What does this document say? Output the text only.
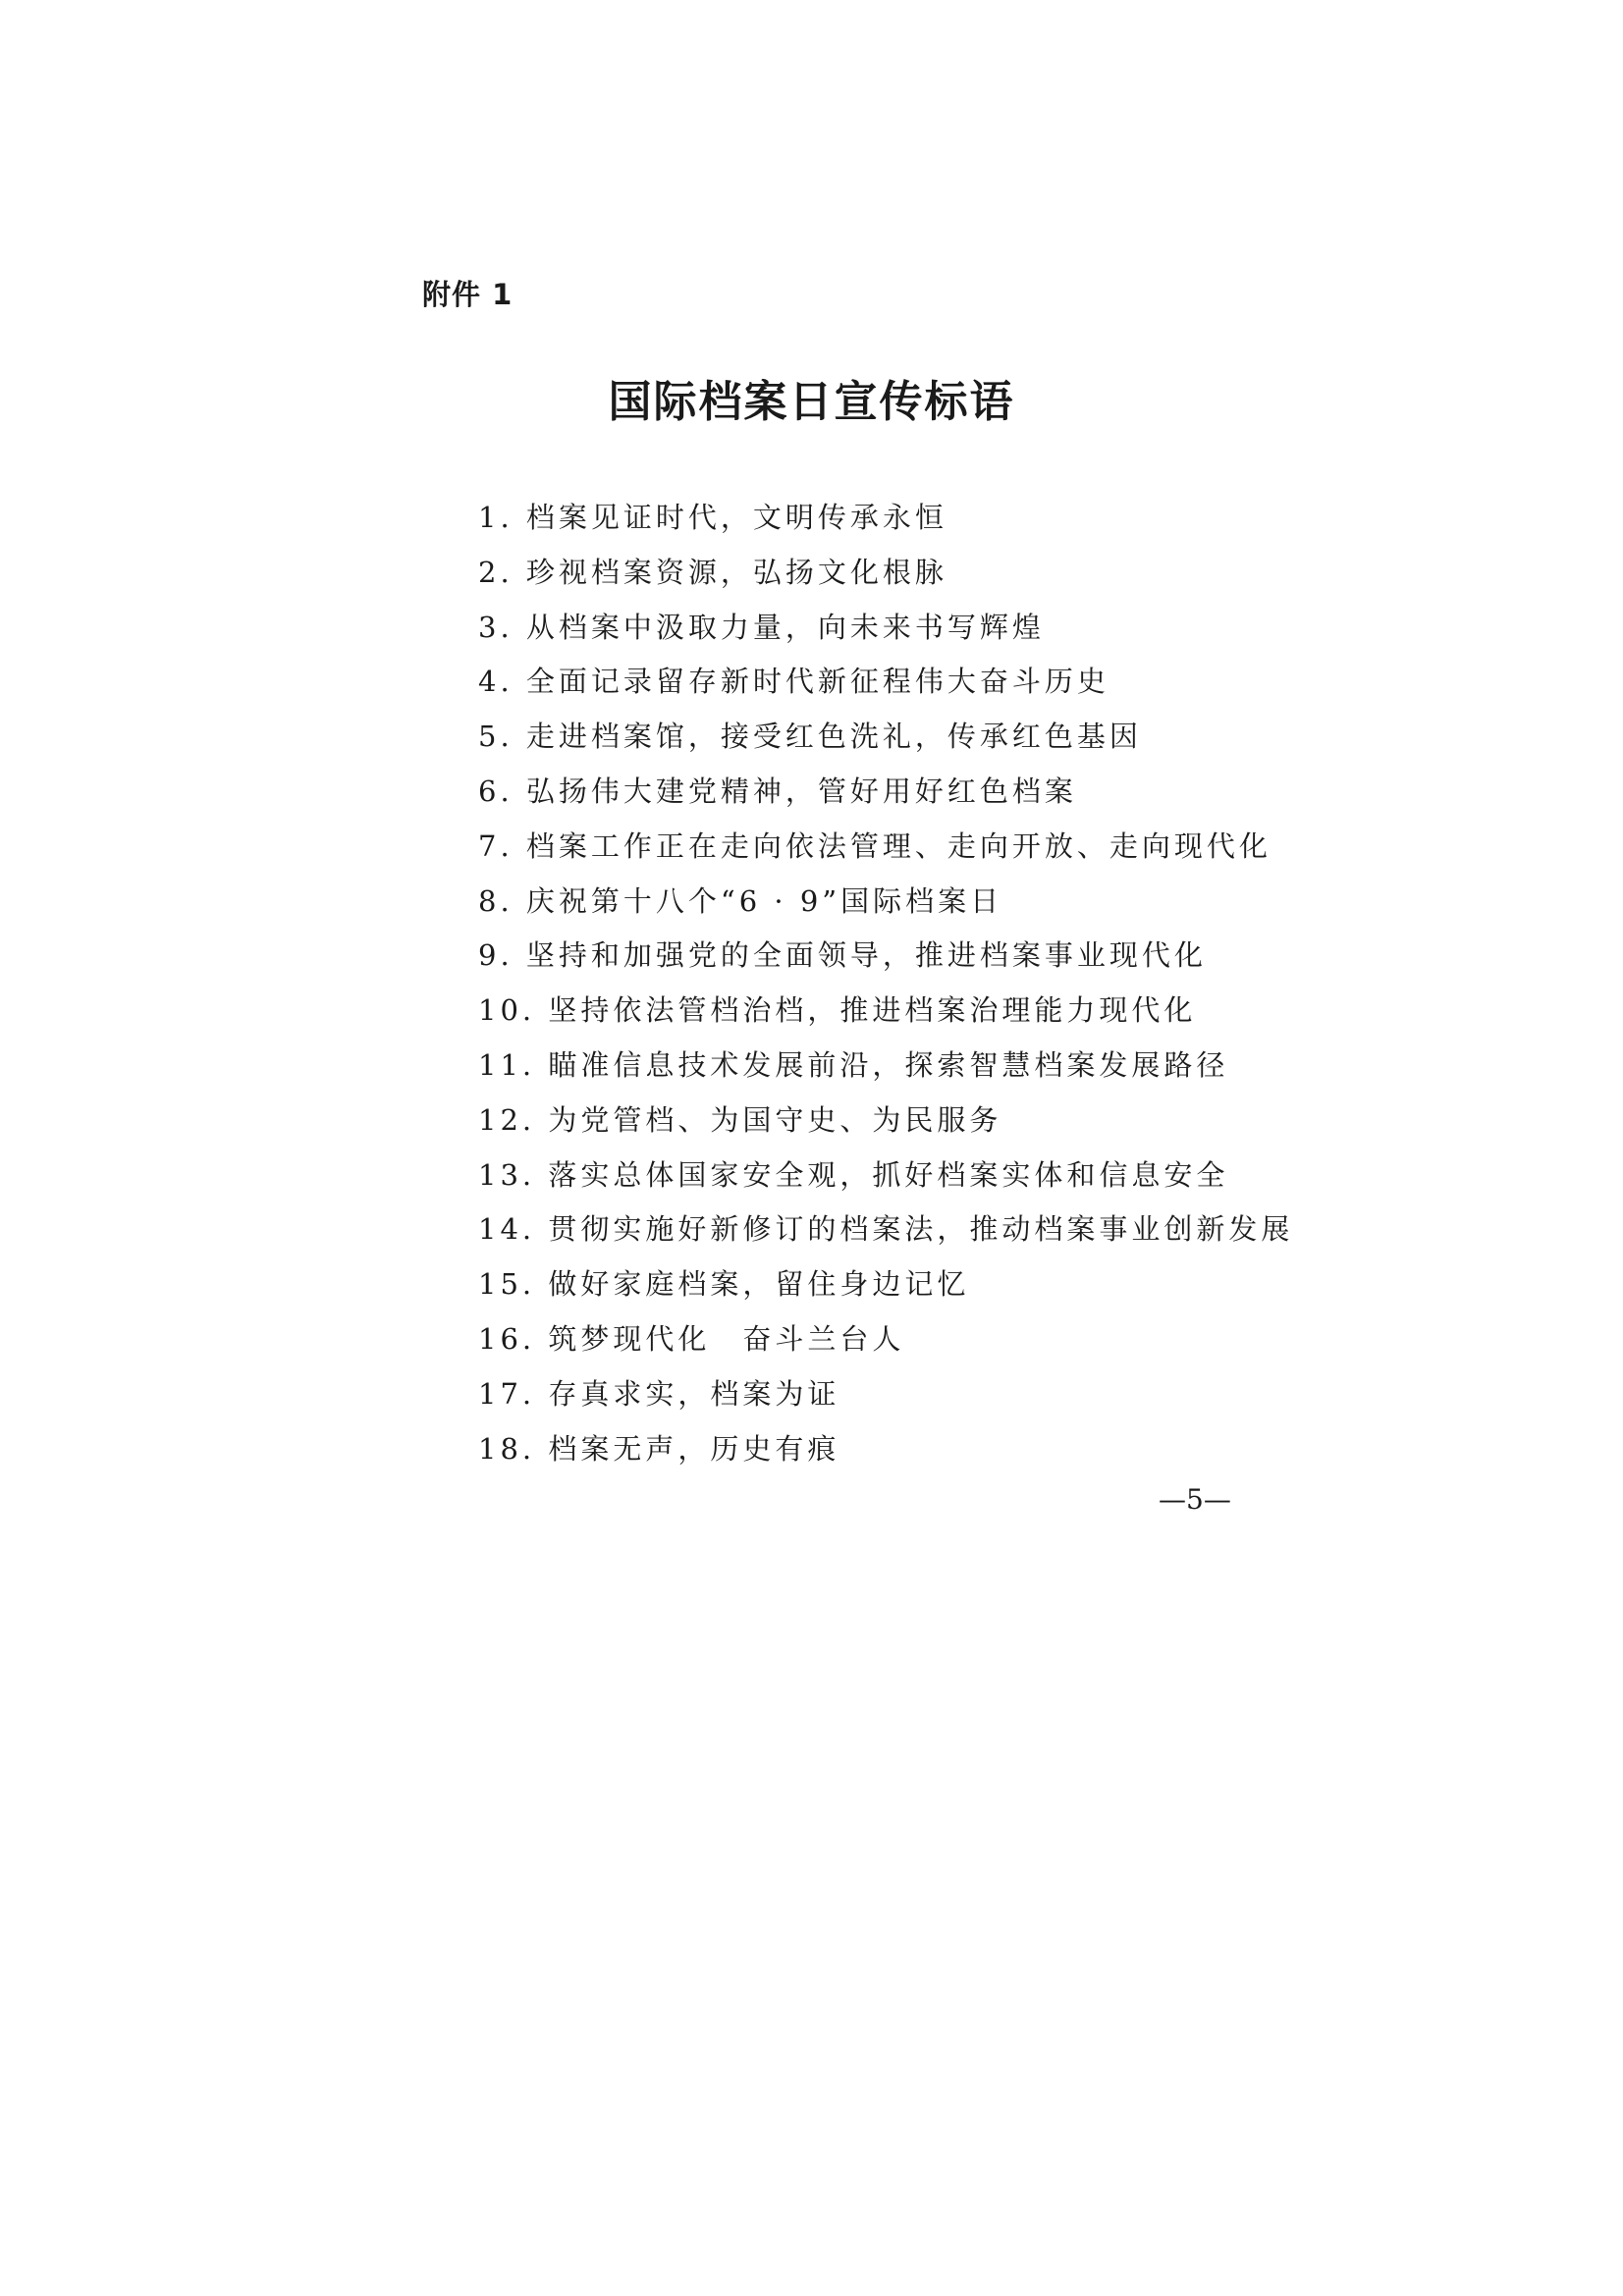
附件 1
国际档案日宣传标语
1. 档案见证时代，文明传承永恒
2. 珍视档案资源，弘扬文化根脉
3. 从档案中汲取力量，向未来书写辉煌
4. 全面记录留存新时代新征程伟大奋斗历史
5. 走进档案馆，接受红色洗礼，传承红色基因
6. 弘扬伟大建党精神，管好用好红色档案
7. 档案工作正在走向依法管理、走向开放、走向现代化
8. 庆祝第十八个“6 · 9”国际档案日
9. 坚持和加强党的全面领导，推进档案事业现代化
10. 坚持依法管档治档，推进档案治理能力现代化
11. 瞄准信息技术发展前沿，探索智慧档案发展路径
12. 为党管档、为国守史、为民服务
13. 落实总体国家安全观，抓好档案实体和信息安全
14. 贯彻实施好新修订的档案法，推动档案事业创新发展
15. 做好家庭档案，留住身边记忆
16. 筑梦现代化　奋斗兰台人
17. 存真求实，档案为证
18. 档案无声，历史有痕
—5—
